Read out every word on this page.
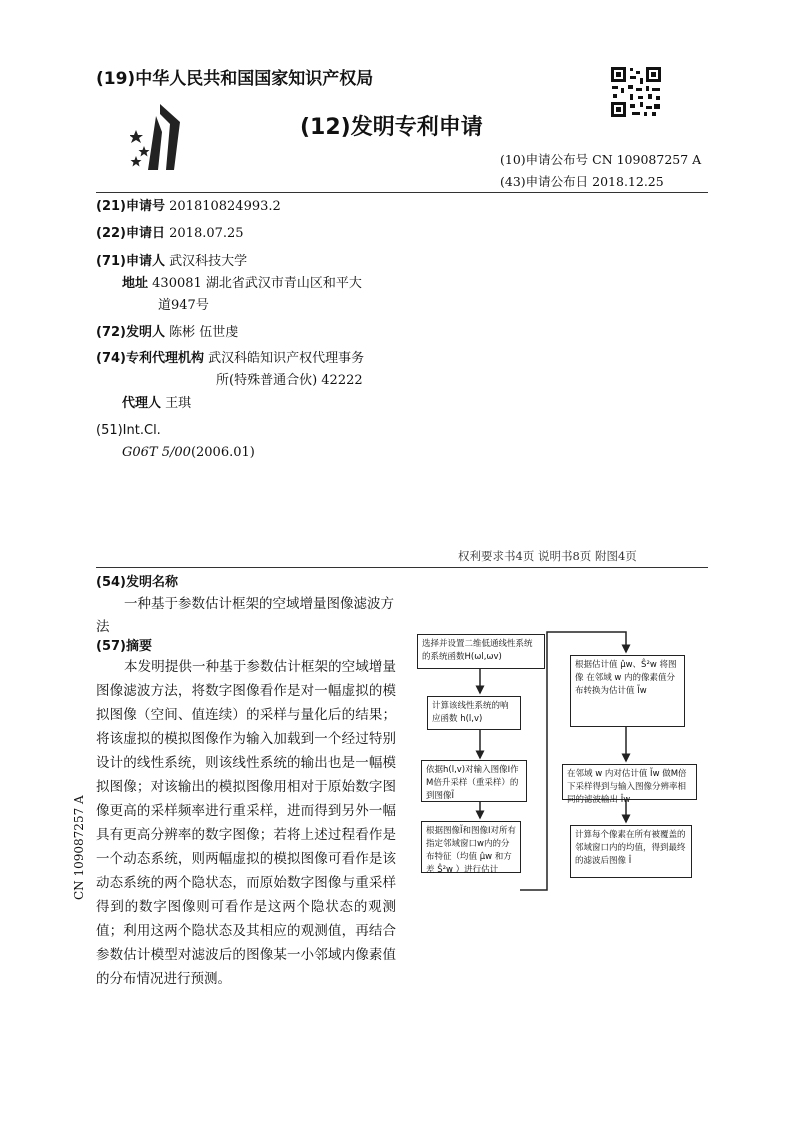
(19)中华人民共和国国家知识产权局
(12)发明专利申请
(10)申请公布号 CN 109087257 A
(43)申请公布日 2018.12.25
(21)申请号 201810824993.2
(22)申请日 2018.07.25
(71)申请人 武汉科技大学
地址 430081 湖北省武汉市青山区和平大
道947号
(72)发明人 陈彬 伍世虔
(74)专利代理机构 武汉科皓知识产权代理事务
所(特殊普通合伙) 42222
代理人 王琪
(51)Int.Cl.
G06T 5/00(2006.01)
权利要求书4页 说明书8页 附图4页
(54)发明名称
一种基于参数估计框架的空域增量图像滤波方法
(57)摘要
本发明提供一种基于参数估计框架的空域增量图像滤波方法，将数字图像看作是对一幅虚拟的模拟图像（空间、值连续）的采样与量化后的结果；将该虚拟的模拟图像作为输入加载到一个经过特别设计的线性系统，则该线性系统的输出也是一幅模拟图像；对该输出的模拟图像用相对于原始数字图像更高的采样频率进行重采样，进而得到另外一幅具有更高分辨率的数字图像；若将上述过程看作是一个动态系统，则两幅虚拟的模拟图像可看作是该动态系统的两个隐状态，而原始数字图像与重采样得到的数字图像则可看作是这两个隐状态的观测值；利用这两个隐状态及其相应的观测值，再结合参数估计模型对滤波后的图像某一小邻域内像素值的分布情况进行预测。
CN 109087257 A
选择并设置二维低通线性系统的系统函数H(ωl,ωv)
计算该线性系统的响应函数 h(l,v)
依据h(l,v)对输入图像I作M倍升采样（重采样）的到图像Ĩ
根据图像Ĩ和图像I对所有指定邻域窗口w内的分布特征（均值 μ̂w 和方差 Ŝ²w ）进行估计
根据估计值 μ̂w、Ŝ²w 将图像 在邻域 w 内的像素值分布转换为估计值 Ĩw
在邻域 w 内对估计值 Ĩw 做M倍下采样得到与输入图像分辨率相同的滤波输出 Îw
计算每个像素在所有被覆盖的邻域窗口内的均值，得到最终的滤波后图像 Î
